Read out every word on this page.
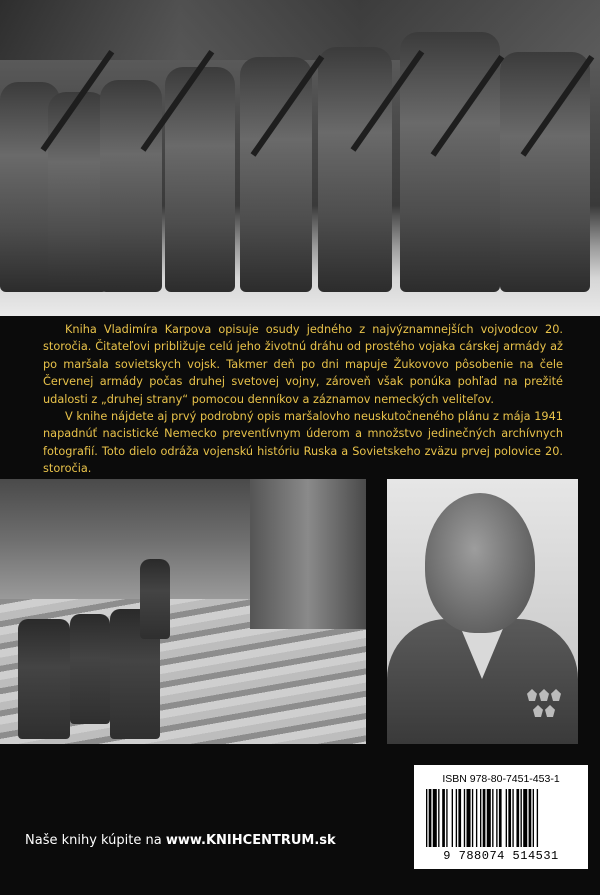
Kniha Vladimíra Karpova opisuje osudy jedného z najvýznamnejších vojvodcov 20. storočia. Čitateľovi približuje celú jeho životnú dráhu od prostého vojaka cárskej armády až po maršala sovietskych vojsk. Takmer deň po dni mapuje Žukovovo pôsobenie na čele Červenej armády počas druhej svetovej vojny, zároveň však ponúka pohľad na prežité udalosti z „druhej strany“ pomocou denníkov a záznamov nemeckých veliteľov.

V knihe nájdete aj prvý podrobný opis maršalovho neuskutočneného plánu z mája 1941 napadnúť nacistické Nemecko preventívnym úderom a množstvo jedinečných archívnych fotografií. Toto dielo odráža vojenskú históriu Ruska a Sovietskeho zväzu prvej polovice 20. storočia.

ISBN 978-80-7451-453-1
9 788074 514531
Naše knihy kúpite na www.KNIHCENTRUM.sk
